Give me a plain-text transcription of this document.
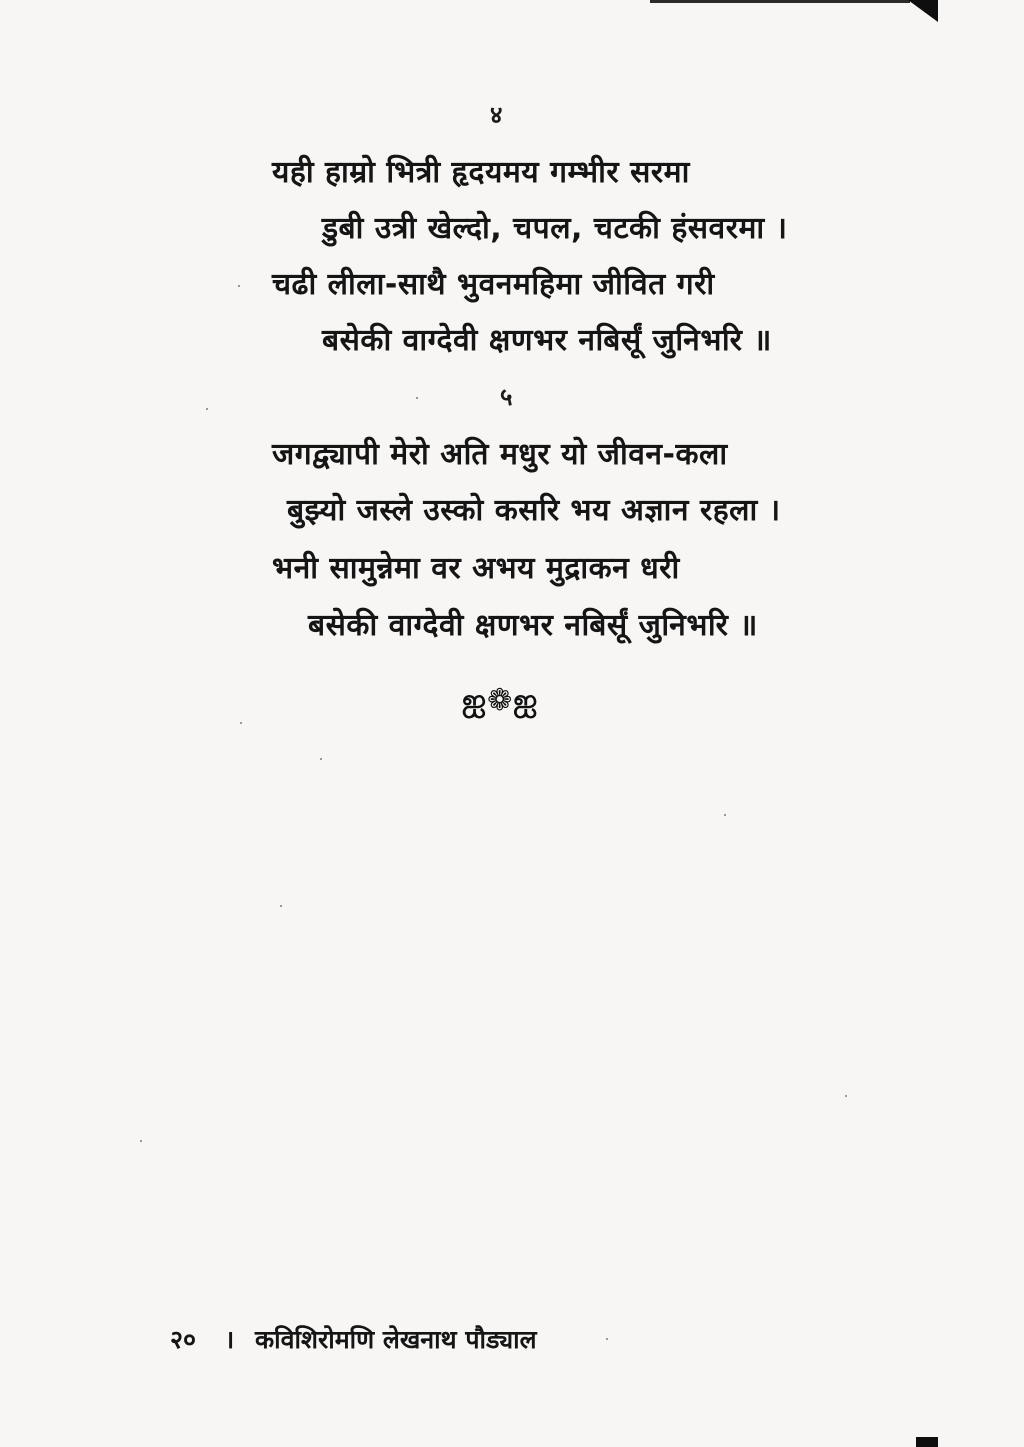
४
यही हाम्रो भित्री हृदयमय गम्भीर सरमा
डुबी उत्री खेल्दो, चपल, चटकी हंसवरमा ।
चढी लीला-साथै भुवनमहिमा जीवित गरी
बसेकी वाग्देवी क्षणभर नबिर्सूं जुनिभरि ॥
५
जगद्व्यापी मेरो अति मधुर यो जीवन-कला
बुझ्यो जस्ले उस्को कसरि भय अज्ञान रहला ।
भनी सामुन्नेमा वर अभय मुद्राकन धरी
बसेकी वाग्देवी क्षणभर नबिर्सूं जुनिभरि ॥
ஐ❁ஐ
२० । कविशिरोमणि लेखनाथ पौड्याल
